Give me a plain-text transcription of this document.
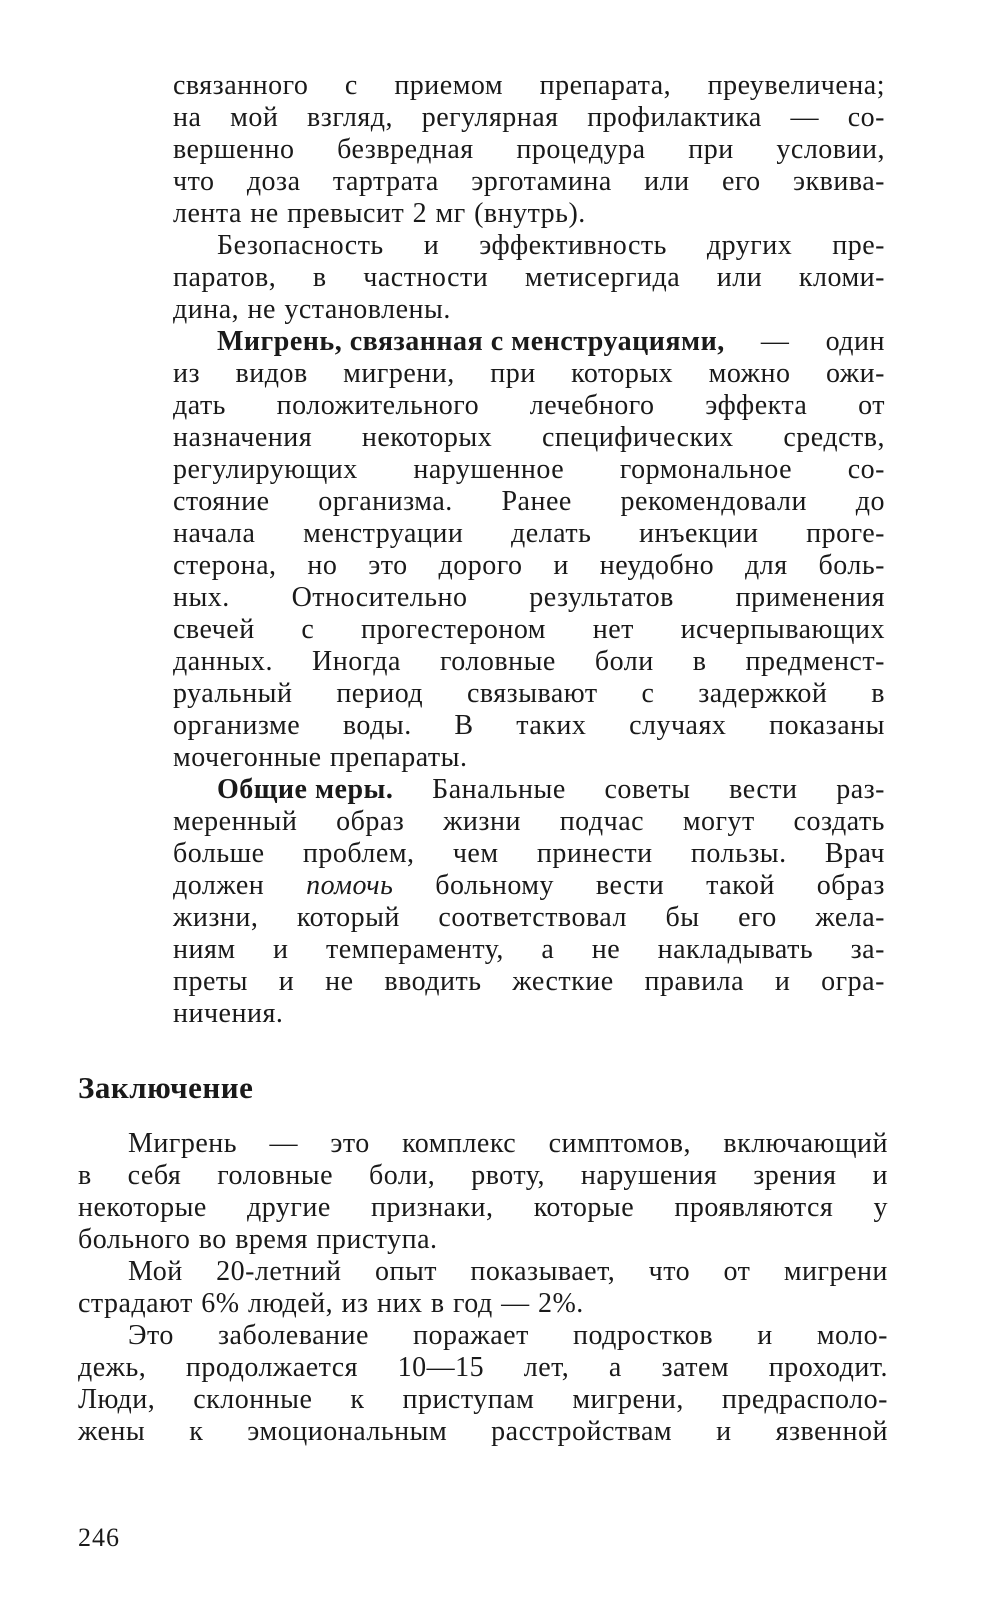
связанного с приемом препарата, преувеличена;
на мой взгляд, регулярная профилактика — со-
вершенно безвредная процедура при условии,
что доза тартрата эрготамина или его эквива-
лента не превысит 2 мг (внутрь).
Безопасность и эффективность других пре-
паратов, в частности метисергида или кломи-
дина, не установлены.
Мигрень, связанная с менструациями, — один
из видов мигрени, при которых можно ожи-
дать положительного лечебного эффекта от
назначения некоторых специфических средств,
регулирующих нарушенное гормональное со-
стояние организма. Ранее рекомендовали до
начала менструации делать инъекции проге-
стерона, но это дорого и неудобно для боль-
ных. Относительно результатов применения
свечей с прогестероном нет исчерпывающих
данных. Иногда головные боли в предменст-
руальный период связывают с задержкой в
организме воды. В таких случаях показаны
мочегонные препараты.
Общие меры. Банальные советы вести раз-
меренный образ жизни подчас могут создать
больше проблем, чем принести пользы. Врач
должен помочь больному вести такой образ
жизни, который соответствовал бы его жела-
ниям и темпераменту, а не накладывать за-
преты и не вводить жесткие правила и огра-
ничения.
Заключение
Мигрень — это комплекс симптомов, включающий
в себя головные боли, рвоту, нарушения зрения и
некоторые другие признаки, которые проявляются у
больного во время приступа.
Мой 20-летний опыт показывает, что от мигрени
страдают 6% людей, из них в год — 2%.
Это заболевание поражает подростков и моло-
дежь, продолжается 10—15 лет, а затем проходит.
Люди, склонные к приступам мигрени, предрасполо-
жены к эмоциональным расстройствам и язвенной
246
